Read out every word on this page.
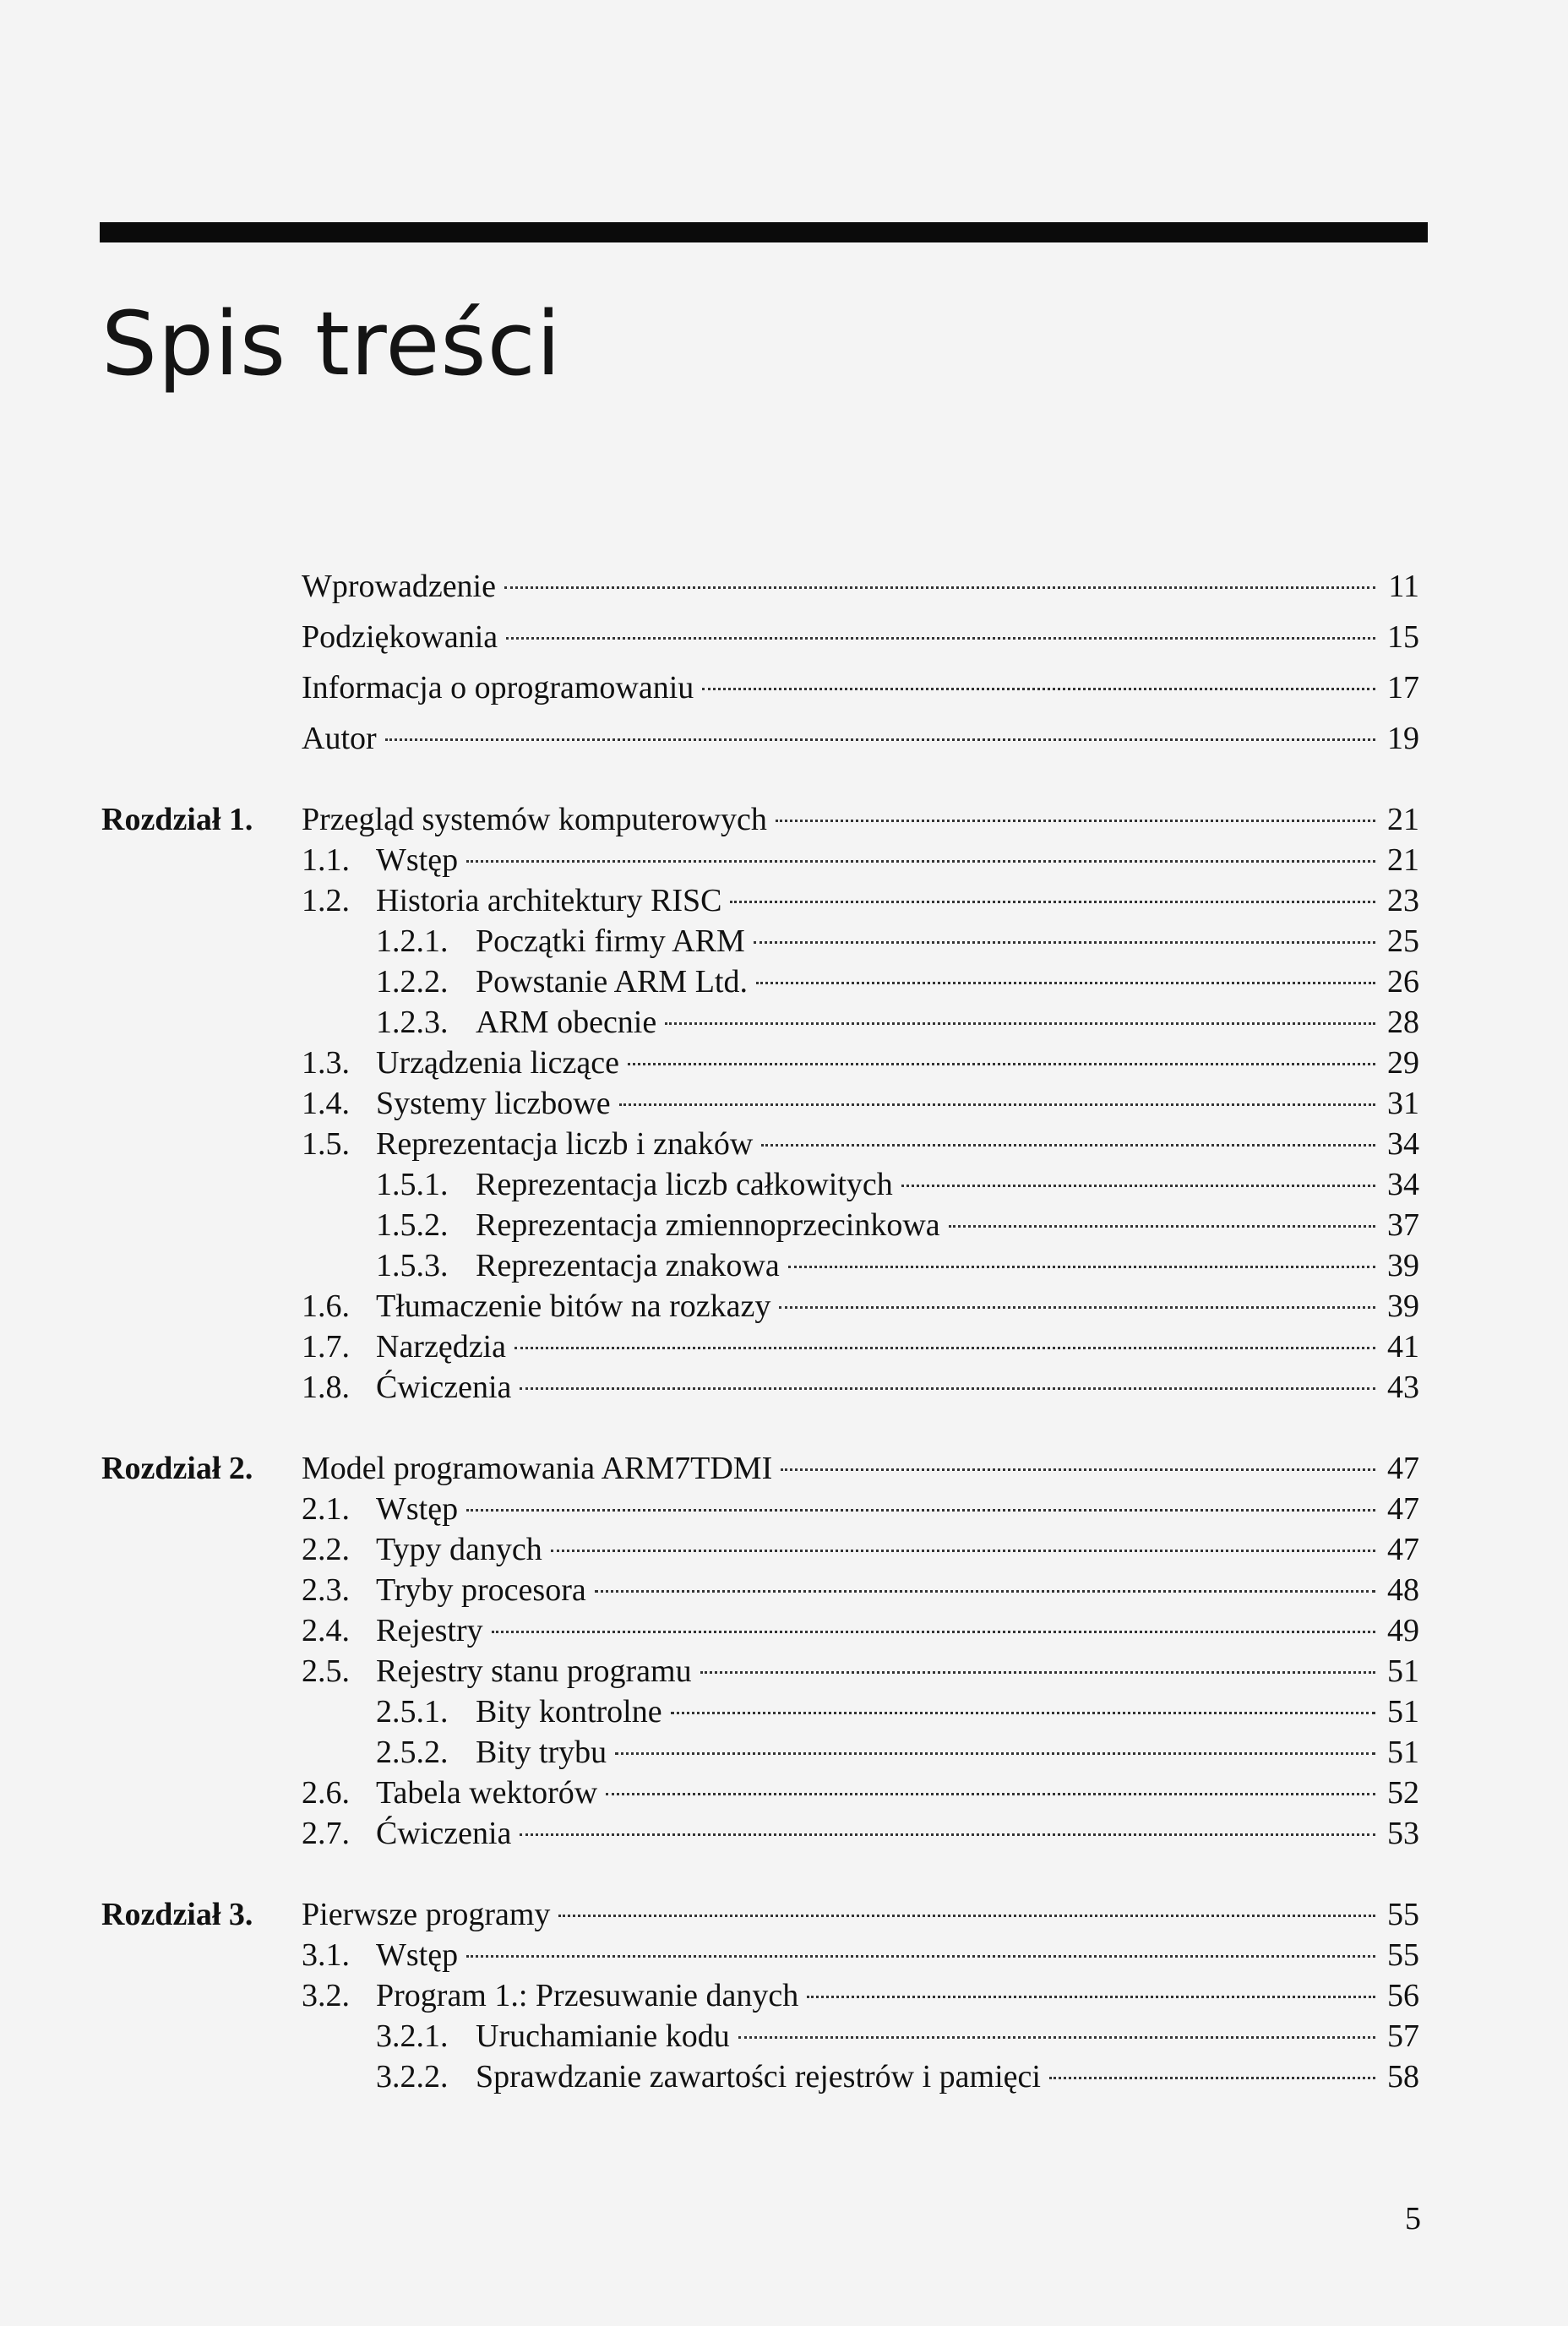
Spis treści
Wprowadzenie	11
Podziękowania	15
Informacja o oprogramowaniu	17
Autor	19
Rozdział 1. Przegląd systemów komputerowych	21
1.1. Wstęp	21
1.2. Historia architektury RISC	23
1.2.1. Początki firmy ARM	25
1.2.2. Powstanie ARM Ltd.	26
1.2.3. ARM obecnie	28
1.3. Urządzenia liczące	29
1.4. Systemy liczbowe	31
1.5. Reprezentacja liczb i znaków	34
1.5.1. Reprezentacja liczb całkowitych	34
1.5.2. Reprezentacja zmiennoprzecinkowa	37
1.5.3. Reprezentacja znakowa	39
1.6. Tłumaczenie bitów na rozkazy	39
1.7. Narzędzia	41
1.8. Ćwiczenia	43
Rozdział 2. Model programowania ARM7TDMI	47
2.1. Wstęp	47
2.2. Typy danych	47
2.3. Tryby procesora	48
2.4. Rejestry	49
2.5. Rejestry stanu programu	51
2.5.1. Bity kontrolne	51
2.5.2. Bity trybu	51
2.6. Tabela wektorów	52
2.7. Ćwiczenia	53
Rozdział 3. Pierwsze programy	55
3.1. Wstęp	55
3.2. Program 1.: Przesuwanie danych	56
3.2.1. Uruchamianie kodu	57
3.2.2. Sprawdzanie zawartości rejestrów i pamięci	58
5
